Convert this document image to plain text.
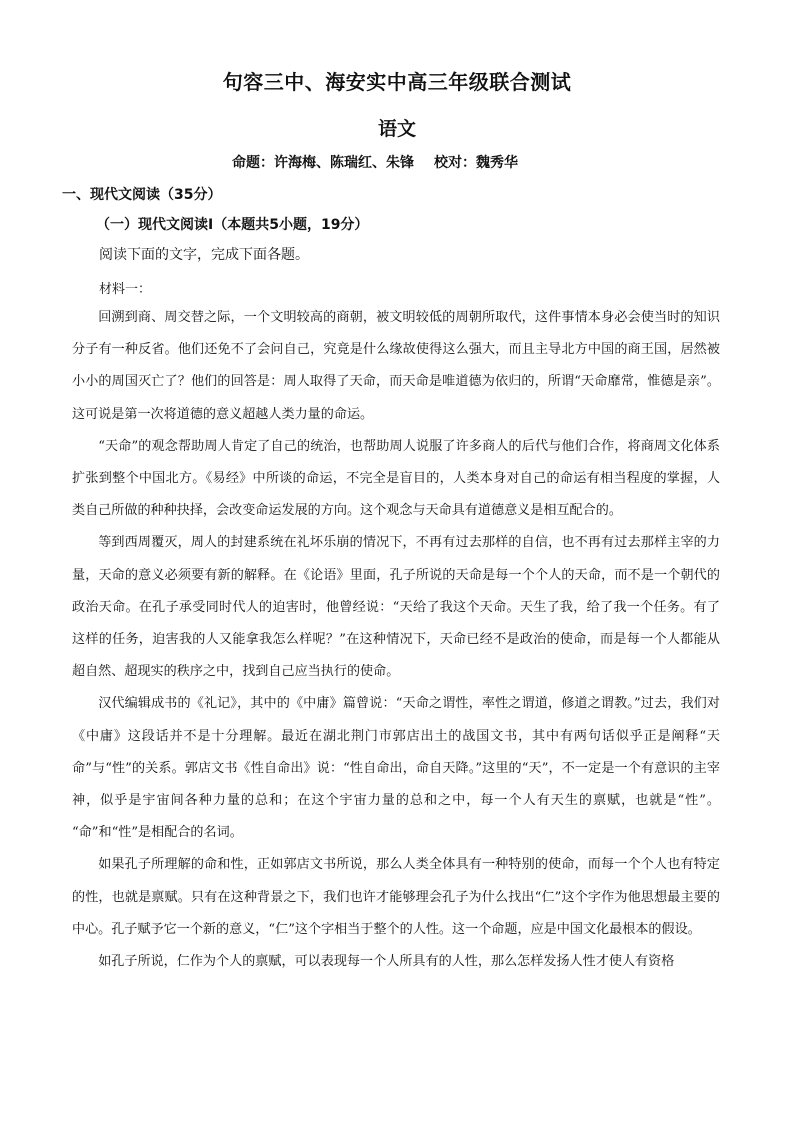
句容三中、海安实中高三年级联合测试
语文
命题：许海梅、陈瑞红、朱锋 校对：魏秀华
一、现代文阅读（35分）
（一）现代文阅读Ⅰ（本题共5小题，19分）
阅读下面的文字，完成下面各题。
材料一：

回溯到商、周交替之际，一个文明较高的商朝，被文明较低的周朝所取代，这件事情本身必会使当时的知识分子有一种反省。他们还免不了会问自己，究竟是什么缘故使得这么强大，而且主导北方中国的商王国，居然被小小的周国灭亡了？他们的回答是：周人取得了天命，而天命是唯道德为依归的，所谓“天命靡常，惟德是亲”。这可说是第一次将道德的意义超越人类力量的命运。

“天命”的观念帮助周人肯定了自己的统治，也帮助周人说服了许多商人的后代与他们合作，将商周文化体系扩张到整个中国北方。《易经》中所谈的命运，不完全是盲目的，人类本身对自己的命运有相当程度的掌握，人类自己所做的种种抉择，会改变命运发展的方向。这个观念与天命具有道德意义是相互配合的。

等到西周覆灭，周人的封建系统在礼坏乐崩的情况下，不再有过去那样的自信，也不再有过去那样主宰的力量，天命的意义必须要有新的解释。在《论语》里面，孔子所说的天命是每一个个人的天命，而不是一个朝代的政治天命。在孔子承受同时代人的迫害时，他曾经说：“天给了我这个天命。天生了我，给了我一个任务。有了这样的任务，迫害我的人又能拿我怎么样呢？”在这种情况下，天命已经不是政治的使命，而是每一个人都能从超自然、超现实的秩序之中，找到自己应当执行的使命。

汉代编辑成书的《礼记》，其中的《中庸》篇曾说：“天命之谓性，率性之谓道，修道之谓教。”过去，我们对《中庸》这段话并不是十分理解。最近在湖北荆门市郭店出土的战国文书，其中有两句话似乎正是阐释“天命”与“性”的关系。郭店文书《性自命出》说：“性自命出，命自天降。”这里的“天”，不一定是一个有意识的主宰神，似乎是宇宙间各种力量的总和；在这个宇宙力量的总和之中，每一个人有天生的禀赋，也就是“性”。 “命”和“性”是相配合的名词。

如果孔子所理解的命和性，正如郭店文书所说，那么人类全体具有一种特别的使命，而每一个个人也有特定的性，也就是禀赋。只有在这种背景之下，我们也许才能够理会孔子为什么找出“仁”这个字作为他思想最主要的中心。孔子赋予它一个新的意义，“仁”这个字相当于整个的人性。这一个命题，应是中国文化最根本的假设。

如孔子所说，仁作为个人的禀赋，可以表现每一个人所具有的人性，那么怎样发扬人性才使人有资格
